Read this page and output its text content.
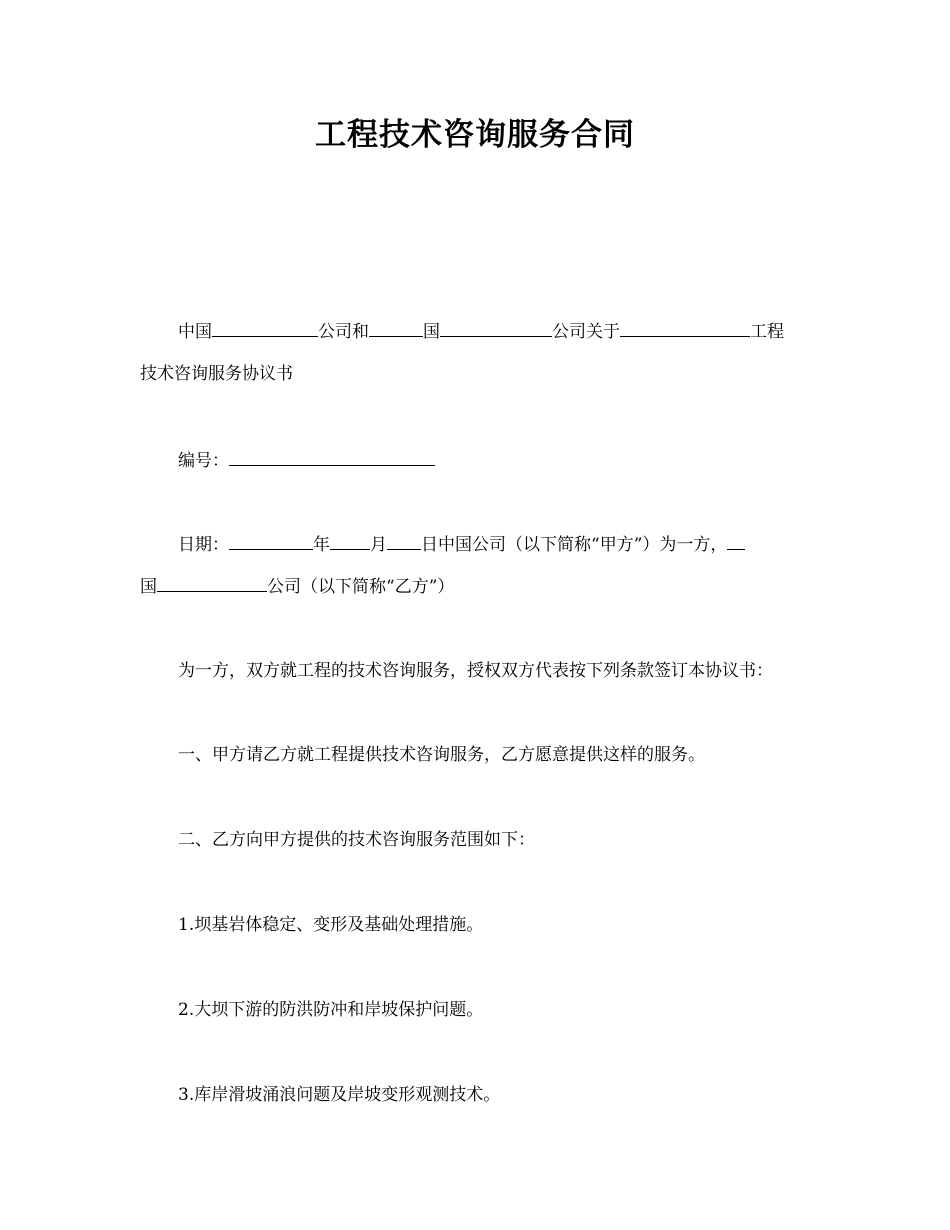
工程技术咨询服务合同
中国	公司和	国	公司关于	工程
技术咨询服务协议书
编号：
日期：	年 月 日中国公司（以下简称“甲方”）为一方，
国	公司（以下简称“乙方”）
为一方，双方就工程的技术咨询服务，授权双方代表按下列条款签订本协议书：
一、甲方请乙方就工程提供技术咨询服务，乙方愿意提供这样的服务。
二、乙方向甲方提供的技术咨询服务范围如下：
1.坝基岩体稳定、变形及基础处理措施。
2.大坝下游的防洪防冲和岸坡保护问题。
3.库岸滑坡涌浪问题及岸坡变形观测技术。
